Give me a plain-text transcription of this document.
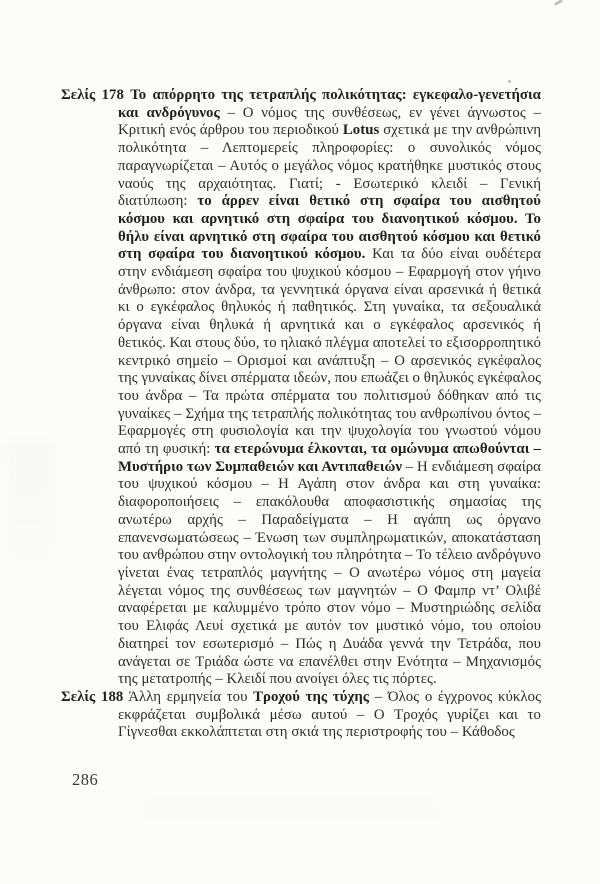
Σελίς 178 Το απόρρητο της τετραπλής πολικότητας: εγκεφαλο-γενετήσια και ανδρόγυνος – Ο νόμος της συνθέσεως, εν γένει άγνωστος – Κριτική ενός άρθρου του περιοδικού Lotus σχετικά με την ανθρώπινη πολικότητα – Λεπτομερείς πληροφορίες: ο συνολικός νόμος παραγνωρίζεται – Αυτός ο μεγάλος νόμος κρατήθηκε μυστικός στους ναούς της αρχαιότητας. Γιατί; - Εσωτερικό κλειδί – Γενική διατύπωση: το άρρεν είναι θετικό στη σφαίρα του αισθητού κόσμου και αρνητικό στη σφαίρα του διανοητικού κόσμου. Το θήλυ είναι αρνητικό στη σφαίρα του αισθητού κόσμου και θετικό στη σφαίρα του διανοητικού κόσμου. Και τα δύο είναι ουδέτερα στην ενδιάμεση σφαίρα του ψυχικού κόσμου – Εφαρμογή στον γήινο άνθρωπο: στον άνδρα, τα γεννητικά όργανα είναι αρσενικά ή θετικά κι ο εγκέφαλος θηλυκός ή παθητικός. Στη γυναίκα, τα σεξουαλικά όργανα είναι θηλυκά ή αρνητικά και ο εγκέφαλος αρσενικός ή θετικός. Και στους δύο, το ηλιακό πλέγμα αποτελεί το εξισορροπητικό κεντρικό σημείο – Ορισμοί και ανάπτυξη – Ο αρσενικός εγκέφαλος της γυναίκας δίνει σπέρματα ιδεών, που επωάζει ο θηλυκός εγκέφαλος του άνδρα – Τα πρώτα σπέρματα του πολιτισμού δόθηκαν από τις γυναίκες – Σχήμα της τετραπλής πολικότητας του ανθρωπίνου όντος – Εφαρμογές στη φυσιολογία και την ψυχολογία του γνωστού νόμου από τη φυσική: τα ετερώνυμα έλκονται, τα ομώνυμα απωθούνται – Μυστήριο των Συμπαθειών και Αντιπαθειών – Η ενδιάμεση σφαίρα του ψυχικού κόσμου – Η Αγάπη στον άνδρα και στη γυναίκα: διαφοροποιήσεις – επακόλουθα αποφασιστικής σημασίας της ανωτέρω αρχής – Παραδείγματα – Η αγάπη ως όργανο επανενσωματώσεως – Ένωση των συμπληρωματικών, αποκατάσταση του ανθρώπου στην οντολογική του πληρότητα – Το τέλειο ανδρόγυνο γίνεται ένας τετραπλός μαγνήτης – Ο ανωτέρω νόμος στη μαγεία λέγεται νόμος της συνθέσεως των μαγνητών – Ο Φαμπρ ντ’ Ολιβέ αναφέρεται με καλυμμένο τρόπο στον νόμο – Μυστηριώδης σελίδα του Ελιφάς Λευί σχετικά με αυτόν τον μυστικό νόμο, του οποίου διατηρεί τον εσωτερισμό – Πώς η Δυάδα γεννά την Τετράδα, που ανάγεται σε Τριάδα ώστε να επανέλθει στην Ενότητα – Μηχανισμός της μετατροπής – Κλειδί που ανοίγει όλες τις πόρτες.
Σελίς 188 Άλλη ερμηνεία του Τροχού της τύχης – Όλος ο έγχρονος κύκλος εκφράζεται συμβολικά μέσω αυτού – Ο Τροχός γυρίζει και το Γίγνεσθαι εκκολάπτεται στη σκιά της περιστροφής του – Κάθοδος
286
